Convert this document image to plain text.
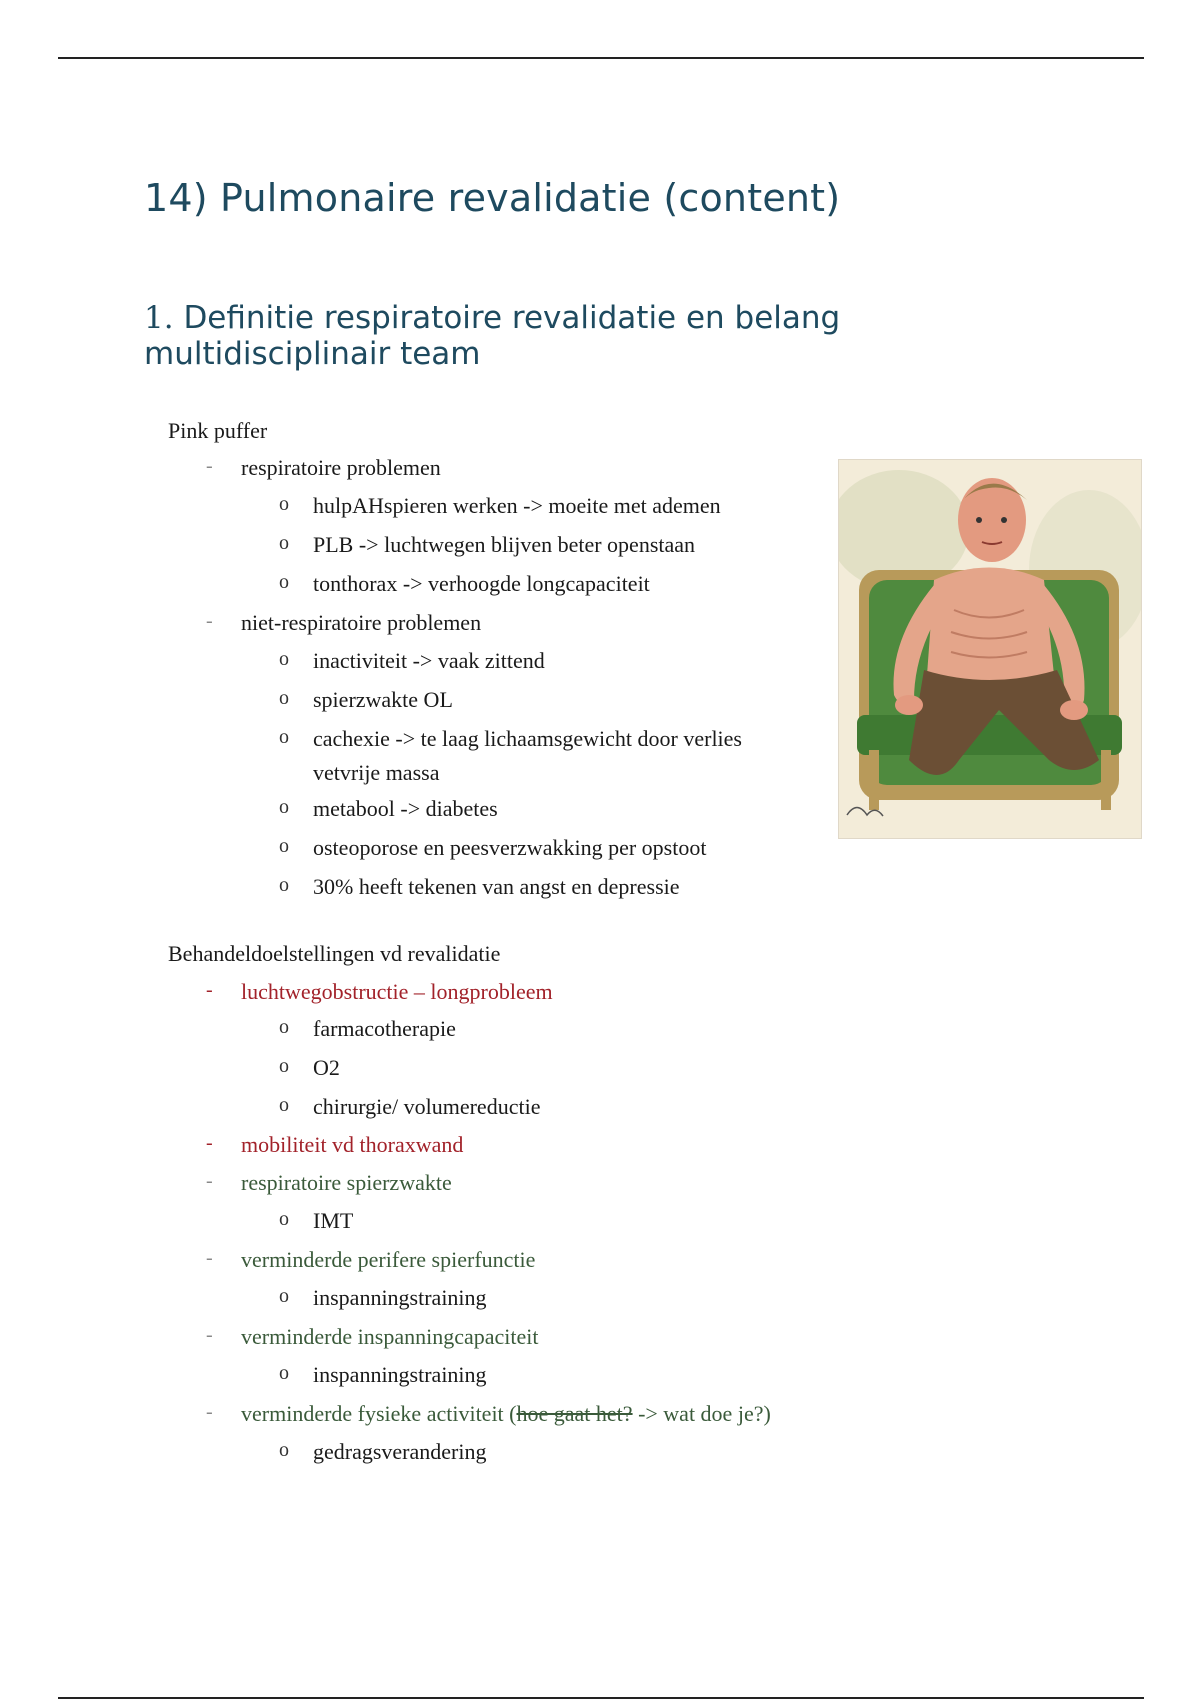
14) Pulmonaire revalidatie (content)
1. Definitie respiratoire revalidatie en belang
multidisciplinair team
Pink puffer
- respiratoire problemen
o hulpAHspieren werken -> moeite met ademen
o PLB -> luchtwegen blijven beter openstaan
o tonthorax -> verhoogde longcapaciteit
- niet-respiratoire problemen
o inactiviteit -> vaak zittend
o spierzwakte OL
o cachexie -> te laag lichaamsgewicht door verlies
vetvrije massa
o metabool -> diabetes
o osteoporose en peesverzwakking per opstoot
o 30% heeft tekenen van angst en depressie
Behandeldoelstellingen vd revalidatie
- luchtwegobstructie – longprobleem
o farmacotherapie
o O2
o chirurgie/ volumereductie
- mobiliteit vd thoraxwand
- respiratoire spierzwakte
o IMT
- verminderde perifere spierfunctie
o inspanningstraining
- verminderde inspanningcapaciteit
o inspanningstraining
- verminderde fysieke activiteit (hoe gaat het? -> wat doe je?)
o gedragsverandering
